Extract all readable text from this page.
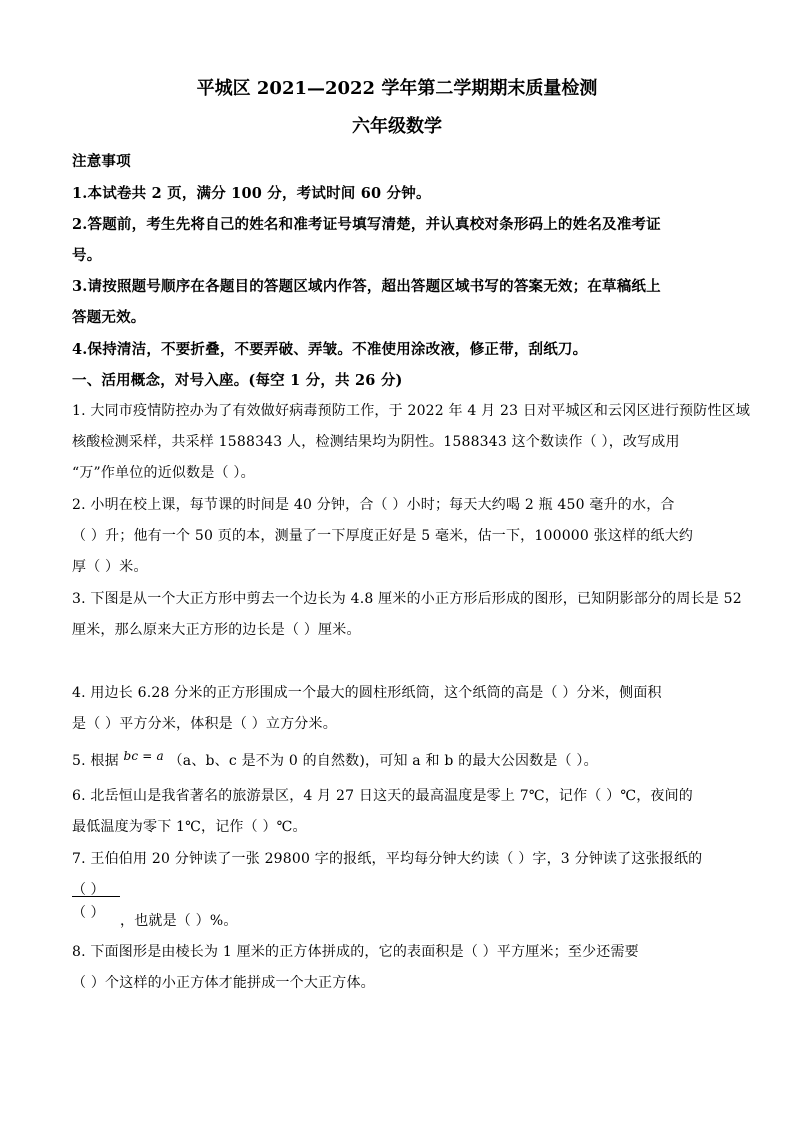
平城区 2021—2022 学年第二学期期末质量检测
六年级数学
注意事项
1.本试卷共 2 页，满分 100 分，考试时间 60 分钟。
2.答题前，考生先将自己的姓名和准考证号填写清楚，并认真校对条形码上的姓名及准考证
号。
3.请按照题号顺序在各题目的答题区域内作答，超出答题区域书写的答案无效；在草稿纸上
答题无效。
4.保持清洁，不要折叠，不要弄破、弄皱。不准使用涂改液，修正带，刮纸刀。
一、活用概念，对号入座。(每空 1 分，共 26 分)
1. 大同市疫情防控办为了有效做好病毒预防工作，于 2022 年 4 月 23 日对平城区和云冈区进行预防性区域
核酸检测采样，共采样 1588343 人，检测结果均为阴性。1588343 这个数读作（ ），改写成用
“万”作单位的近似数是（ ）。
2. 小明在校上课，每节课的时间是 40 分钟，合（ ）小时；每天大约喝 2 瓶 450 毫升的水，合
（ ）升；他有一个 50 页的本，测量了一下厚度正好是 5 毫米，估一下，100000 张这样的纸大约
厚（ ）米。
3. 下图是从一个大正方形中剪去一个边长为 4.8 厘米的小正方形后形成的图形，已知阴影部分的周长是 52
厘米，那么原来大正方形的边长是（ ）厘米。
4. 用边长 6.28 分米的正方形围成一个最大的圆柱形纸筒，这个纸筒的高是（ ）分米，侧面积
是（ ）平方分米，体积是（ ）立方分米。
5. 根据 bc = a （a、b、c 是不为 0 的自然数)，可知 a 和 b 的最大公因数是（ ）。
6. 北岳恒山是我省著名的旅游景区，4 月 27 日这天的最高温度是零上 7℃，记作（ ）℃，夜间的
最低温度为零下 1℃，记作（ ）℃。
7. 王伯伯用 20 分钟读了一张 29800 字的报纸，平均每分钟大约读（ ）字，3 分钟读了这张报纸的
（ ）
（ ） ，也就是（ ）%。
8. 下面图形是由棱长为 1 厘米的正方体拼成的，它的表面积是（ ）平方厘米；至少还需要
（ ）个这样的小正方体才能拼成一个大正方体。
